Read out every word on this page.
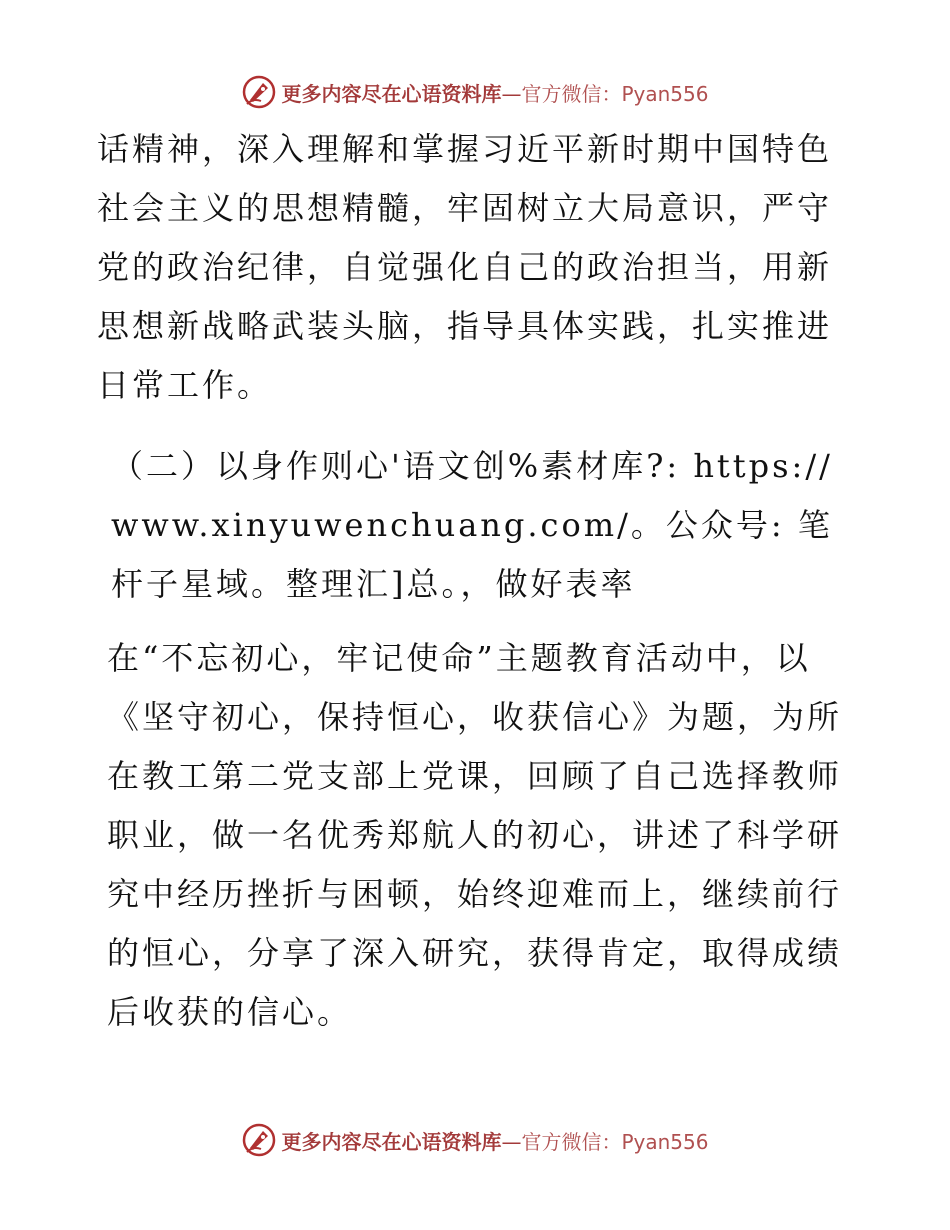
更多内容尽在心语资料库—官方微信：Pyan556

话精神，深入理解和掌握习近平新时期中国特色社会主义的思想精髓，牢固树立大局意识，严守党的政治纪律，自觉强化自己的政治担当，用新思想新战略武装头脑，指导具体实践，扎实推进日常工作。

（二）以身作则心'语文创%素材库?: https://www.xinyuwenchuang.com/。公众号: 笔杆子星域。整理汇]总。，做好表率

在“不忘初心，牢记使命”主题教育活动中，以《坚守初心，保持恒心，收获信心》为题，为所在教工第二党支部上党课，回顾了自己选择教师职业，做一名优秀郑航人的初心，讲述了科学研究中经历挫折与困顿，始终迎难而上，继续前行的恒心，分享了深入研究，获得肯定，取得成绩后收获的信心。

更多内容尽在心语资料库—官方微信：Pyan556
